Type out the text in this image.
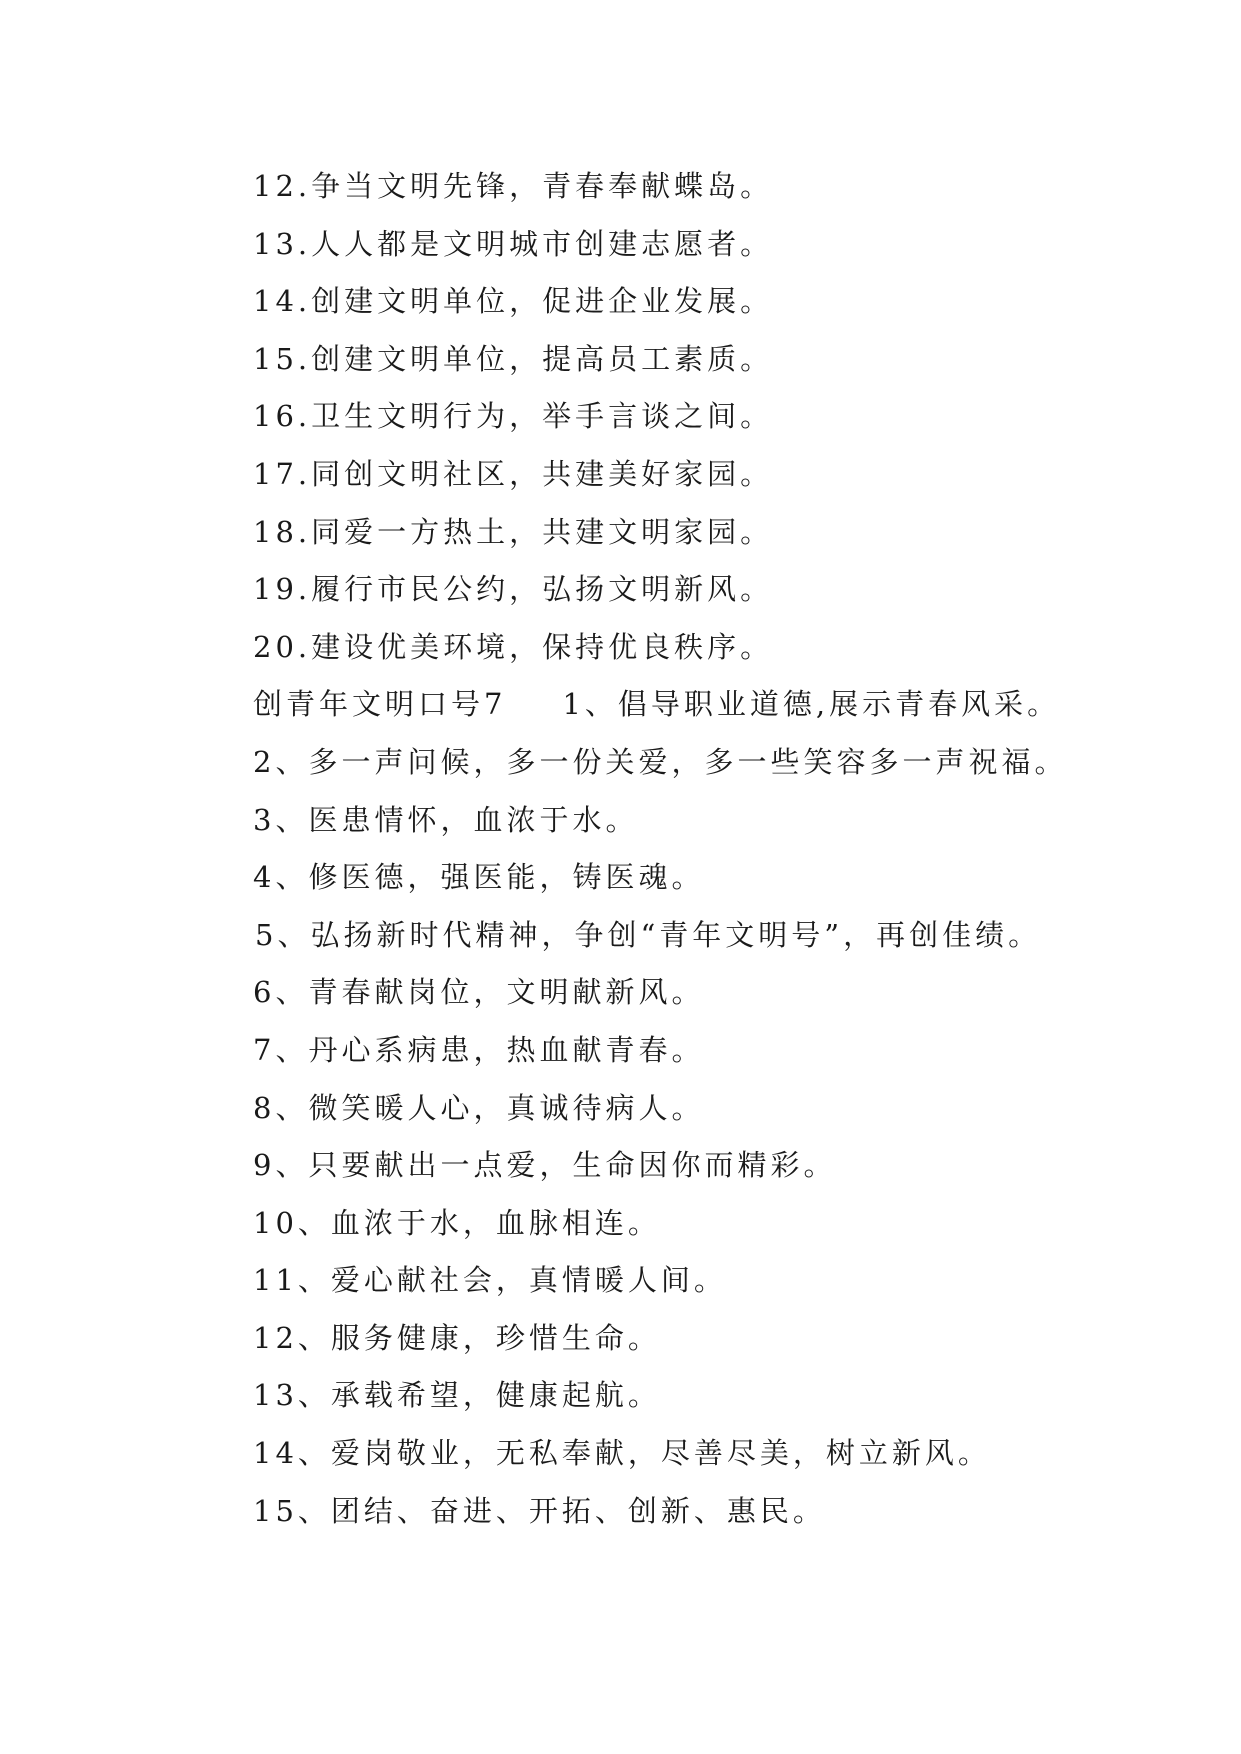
12.争当文明先锋，青春奉献蝶岛。
13.人人都是文明城市创建志愿者。
14.创建文明单位，促进企业发展。
15.创建文明单位，提高员工素质。
16.卫生文明行为，举手言谈之间。
17.同创文明社区，共建美好家园。
18.同爱一方热土，共建文明家园。
19.履行市民公约，弘扬文明新风。
20.建设优美环境，保持优良秩序。
创青年文明口号7 1、倡导职业道德,展示青春风采。
2、多一声问候，多一份关爱，多一些笑容多一声祝福。
3、医患情怀，血浓于水。
4、修医德，强医能，铸医魂。
5、弘扬新时代精神，争创“青年文明号”，再创佳绩。
6、青春献岗位，文明献新风。
7、丹心系病患，热血献青春。
8、微笑暖人心，真诚待病人。
9、只要献出一点爱，生命因你而精彩。
10、血浓于水，血脉相连。
11、爱心献社会，真情暖人间。
12、服务健康，珍惜生命。
13、承载希望，健康起航。
14、爱岗敬业，无私奉献，尽善尽美，树立新风。
15、团结、奋进、开拓、创新、惠民。
